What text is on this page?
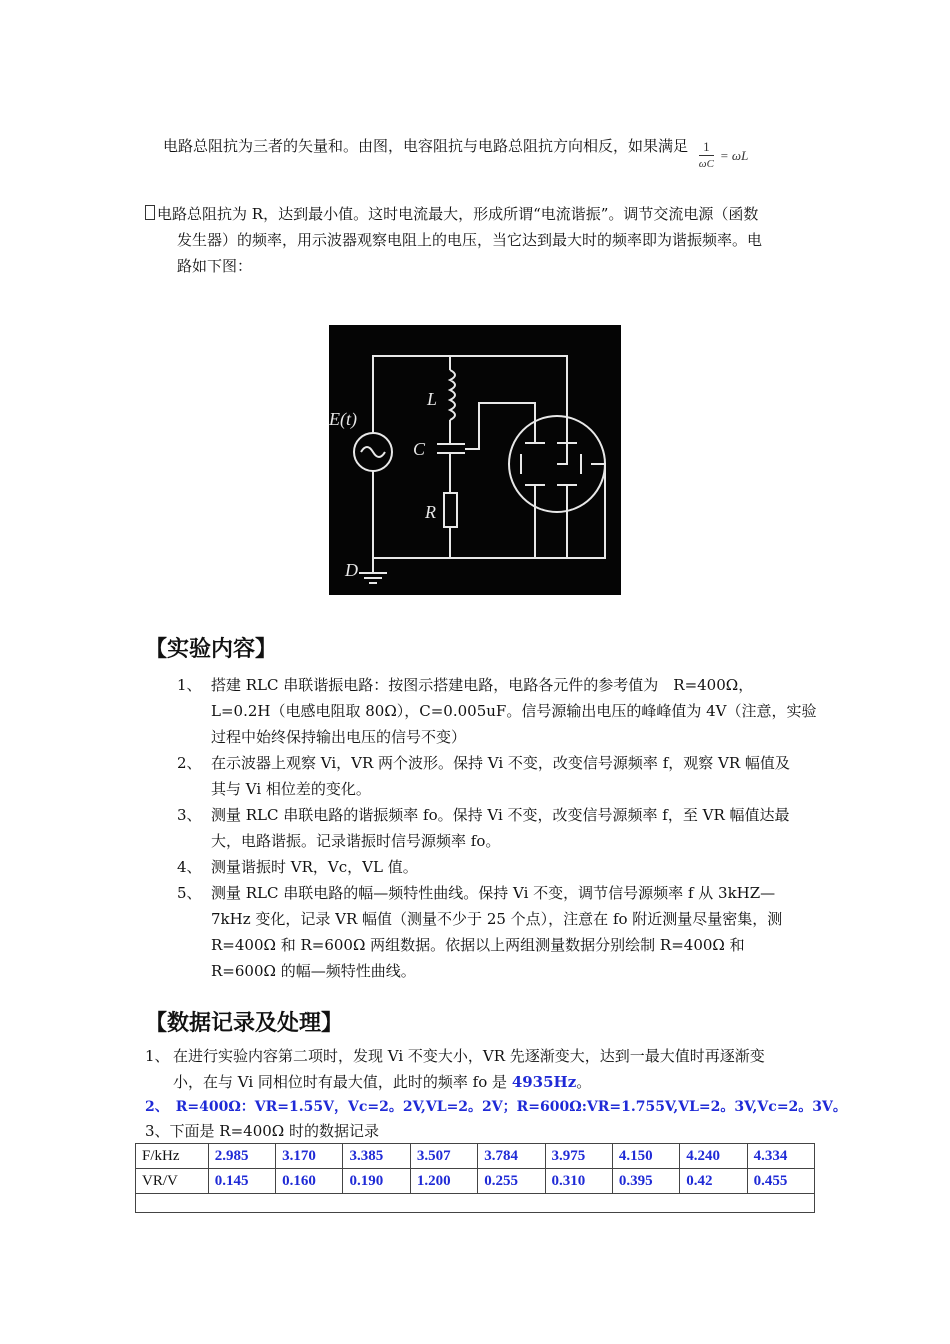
电路总阻抗为三者的矢量和。由图，电容阻抗与电路总阻抗方向相反，如果满足 $\frac{1}{\omega C} = \omega L$
电路总阻抗为 R，达到最小值。这时电流最大，形成所谓“电流谐振”。调节交流电源（函数
发生器）的频率，用示波器观察电阻上的电压，当它达到最大时的频率即为谐振频率。电
路如下图：
E(t)
L
C
R
D
【实验内容】
1、 搭建 RLC 串联谐振电路：按图示搭建电路，电路各元件的参考值为　R=400Ω，
L=0.2H（电感电阻取 80Ω），C=0.005uF。信号源输出电压的峰峰值为 4V（注意，实验
过程中始终保持输出电压的信号不变）
2、 在示波器上观察 Vi，VR 两个波形。保持 Vi 不变，改变信号源频率 f，观察 VR 幅值及
其与 Vi 相位差的变化。
3、 测量 RLC 串联电路的谐振频率 fo。保持 Vi 不变，改变信号源频率 f，至 VR 幅值达最
大，电路谐振。记录谐振时信号源频率 fo。
4、 测量谐振时 VR，Vc，VL 值。
5、 测量 RLC 串联电路的幅—频特性曲线。保持 Vi 不变，调节信号源频率 f 从 3kHZ—
7kHz 变化，记录 VR 幅值（测量不少于 25 个点），注意在 fo 附近测量尽量密集，测
R=400Ω 和 R=600Ω 两组数据。依据以上两组测量数据分别绘制 R=400Ω 和
R=600Ω 的幅—频特性曲线。
【数据记录及处理】
1、 在进行实验内容第二项时，发现 Vi 不变大小，VR 先逐渐变大，达到一最大值时再逐渐变
小，在与 Vi 同相位时有最大值，此时的频率 fo 是 4935Hz。
2、　R=400Ω：VR=1.55V，Vc=2。2V,VL=2。2V；R=600Ω:VR=1.755V,VL=2。3V,Vc=2。3V。
3、下面是 R=400Ω 时的数据记录
F/kHz	2.985	3.170	3.385	3.507	3.784	3.975	4.150	4.240	4.334
VR/V	0.145	0.160	0.190	1.200	0.255	0.310	0.395	0.42	0.455
